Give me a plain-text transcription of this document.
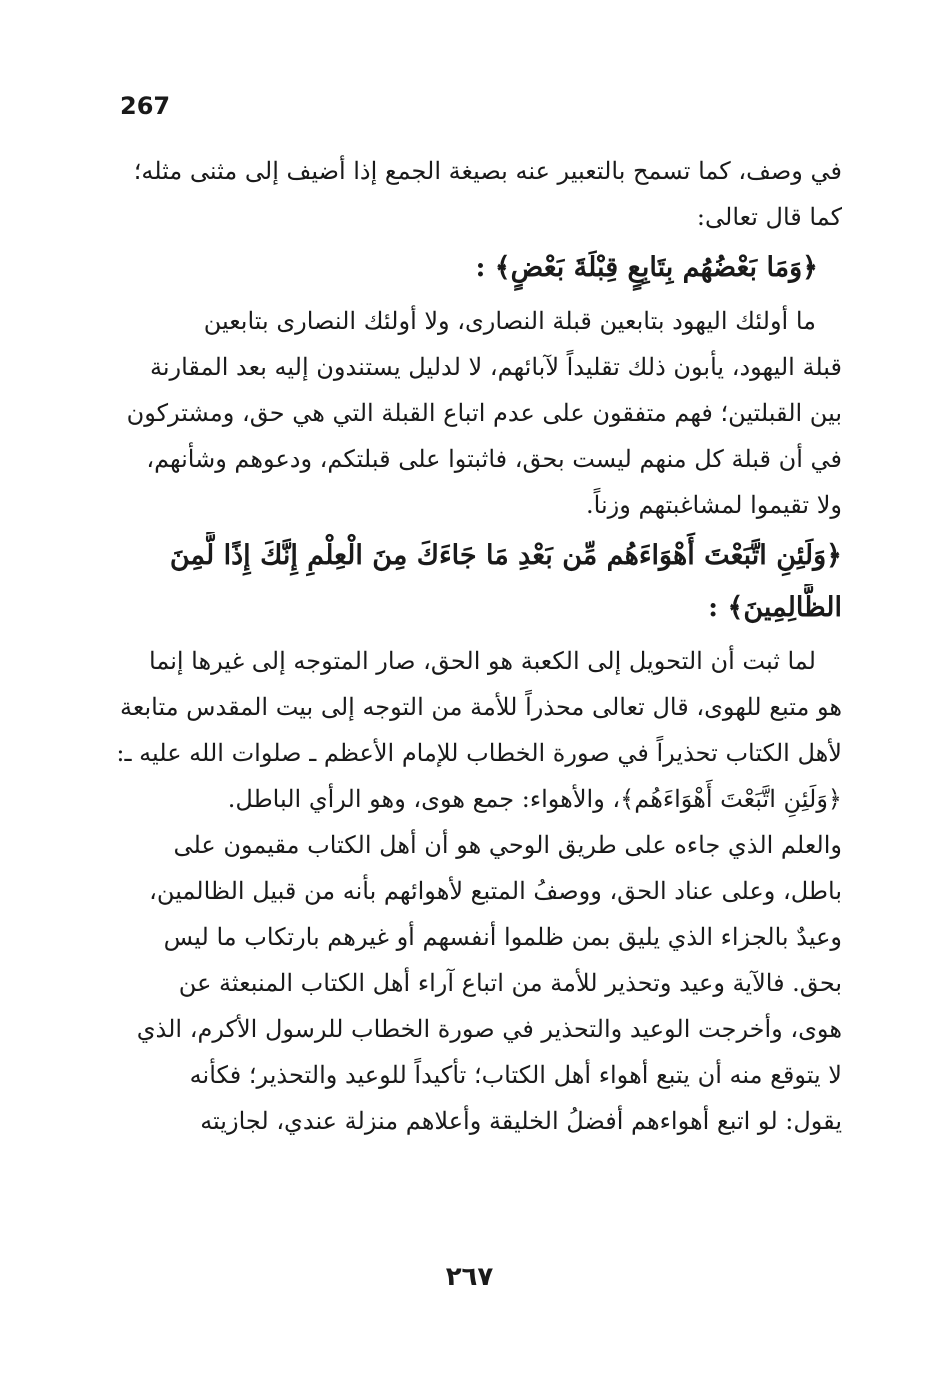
267
في وصف، كما تسمح بالتعبير عنه بصيغة الجمع إذا أضيف إلى مثنى مثله؛
كما قال تعالى:
﴿وَمَا بَعْضُهُم بِتَابِعٍ قِبْلَةَ بَعْضٍ﴾ :
ما أولئك اليهود بتابعين قبلة النصارى، ولا أولئك النصارى بتابعين
قبلة اليهود، يأبون ذلك تقليداً لآبائهم، لا لدليل يستندون إليه بعد المقارنة
بين القبلتين؛ فهم متفقون على عدم اتباع القبلة التي هي حق، ومشتركون
في أن قبلة كل منهم ليست بحق، فاثبتوا على قبلتكم، ودعوهم وشأنهم،
ولا تقيموا لمشاغبتهم وزناً.
﴿وَلَئِنِ اتَّبَعْتَ أَهْوَاءَهُم مِّن بَعْدِ مَا جَاءَكَ مِنَ الْعِلْمِ إِنَّكَ إِذًا لَّمِنَ
الظَّالِمِينَ﴾ :
لما ثبت أن التحويل إلى الكعبة هو الحق، صار المتوجه إلى غيرها إنما
هو متبع للهوى، قال تعالى محذراً للأمة من التوجه إلى بيت المقدس متابعة
لأهل الكتاب تحذيراً في صورة الخطاب للإمام الأعظم ـ صلوات الله عليه ـ:
﴿وَلَئِنِ اتَّبَعْتَ أَهْوَاءَهُم﴾، والأهواء: جمع هوى، وهو الرأي الباطل.
والعلم الذي جاءه على طريق الوحي هو أن أهل الكتاب مقيمون على
باطل، وعلى عناد الحق، ووصفُ المتبع لأهوائهم بأنه من قبيل الظالمين،
وعيدٌ بالجزاء الذي يليق بمن ظلموا أنفسهم أو غيرهم بارتكاب ما ليس
بحق. فالآية وعيد وتحذير للأمة من اتباع آراء أهل الكتاب المنبعثة عن
هوى، وأخرجت الوعيد والتحذير في صورة الخطاب للرسول الأكرم، الذي
لا يتوقع منه أن يتبع أهواء أهل الكتاب؛ تأكيداً للوعيد والتحذير؛ فكأنه
يقول: لو اتبع أهواءهم أفضلُ الخليقة وأعلاهم منزلة عندي، لجازيته
٢٦٧
